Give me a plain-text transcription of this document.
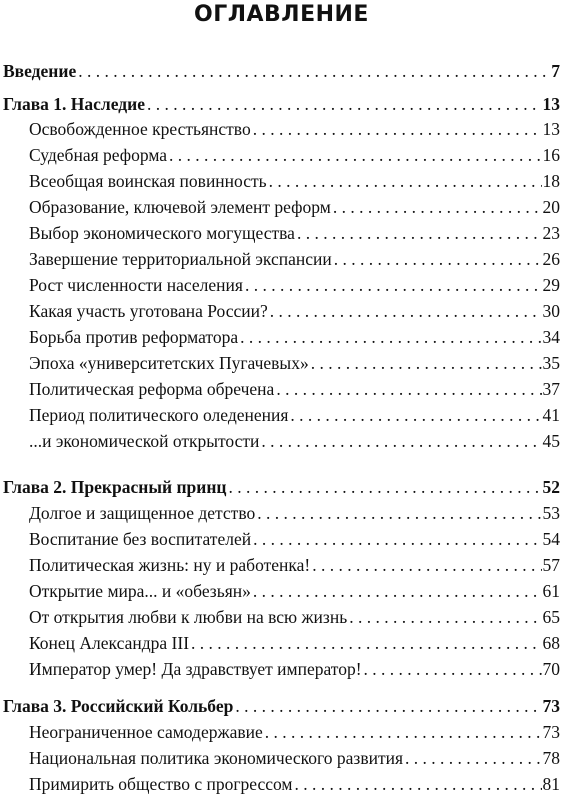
ОГЛАВЛЕНИЕ
Введение . . .	7
Глава 1. Наследие . . .	13
Освобожденное крестьянство . . .	13
Судебная реформа . . .	16
Всеобщая воинская повинность . . .	18
Образование, ключевой элемент реформ . . .	20
Выбор экономического могущества . . .	23
Завершение территориальной экспансии . . .	26
Рост численности населения . . .	29
Какая участь уготована России? . . .	30
Борьба против реформатора . . .	34
Эпоха «университетских Пугачевых» . . .	35
Политическая реформа обречена . . .	37
Период политического оледенения . . .	41
...и экономической открытости . . .	45
Глава 2. Прекрасный принц . . .	52
Долгое и защищенное детство . . .	53
Воспитание без воспитателей . . .	54
Политическая жизнь: ну и работенка! . . .	57
Открытие мира... и «обезьян» . . .	61
От открытия любви к любви на всю жизнь . . .	65
Конец Александра III . . .	68
Император умер! Да здравствует император! . . .	70
Глава 3. Российский Кольбер . . .	73
Неограниченное самодержавие . . .	73
Национальная политика экономического развития . . .	78
Примирить общество с прогрессом . . .	81
